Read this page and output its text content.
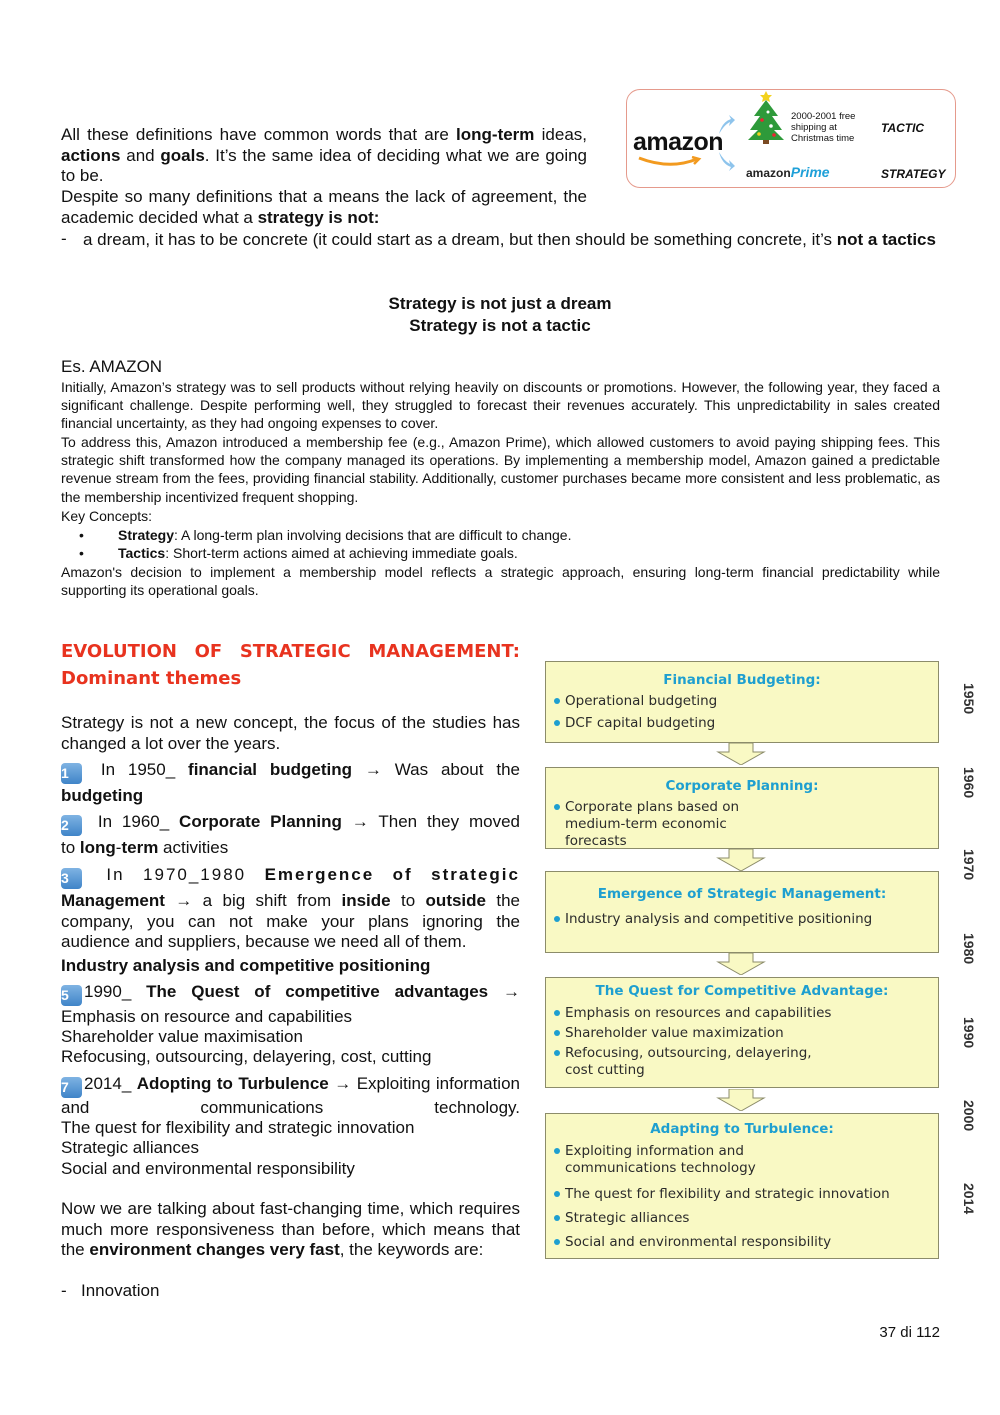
All these definitions have common words that are long-term ideas, actions and goals. It’s the same idea of deciding what we are going to be.
Despite so many definitions that a means the lack of agreement, the academic decided what a strategy is not:
- a dream, it has to be concrete (it could start as a dream, but then should be something concrete, it’s not a tactics
amazon
2000-2001 free shipping at Christmas time
TACTIC
amazonPrime	STRATEGY
Strategy is not just a dream
Strategy is not a tactic
Es. AMAZON
Initially, Amazon’s strategy was to sell products without relying heavily on discounts or promotions. However, the following year, they faced a significant challenge. Despite performing well, they struggled to forecast their revenues accurately. This unpredictability in sales created financial uncertainty, as they had ongoing expenses to cover.
To address this, Amazon introduced a membership fee (e.g., Amazon Prime), which allowed customers to avoid paying shipping fees. This strategic shift transformed how the company managed its operations. By implementing a membership model, Amazon gained a predictable revenue stream from the fees, providing financial stability. Additionally, customer purchases became more consistent and less problematic, as the membership incentivized frequent shopping.
Key Concepts:
• Strategy: A long-term plan involving decisions that are difficult to change.
• Tactics: Short-term actions aimed at achieving immediate goals.
Amazon's decision to implement a membership model reflects a strategic approach, ensuring long-term financial predictability while supporting its operational goals.
EVOLUTION OF STRATEGIC MANAGEMENT:
Dominant themes
Strategy is not a new concept, the focus of the studies has changed a lot over the years.
1 In 1950_ financial budgeting → Was about the
budgeting
2 In 1960_ Corporate Planning → Then they moved
to long-term activities
3 In 1970_1980 Emergence of strategic
Management → a big shift from inside to outside the company, you can not make your plans ignoring the audience and suppliers, because we need all of them.
Industry analysis and competitive positioning
5 1990_ The Quest of competitive advantages →
Emphasis on resource and capabilities
Shareholder value maximisation
Refocusing, outsourcing, delayering, cost, cutting
7 2014_ Adopting to Turbulence → Exploiting information and communications technology.
The quest for flexibility and strategic innovation
Strategic alliances
Social and environmental responsibility
Now we are talking about fast-changing time, which requires much more responsiveness than before, which means that the environment changes very fast, the keywords are:
- Innovation
Financial Budgeting:
Operational budgeting
DCF capital budgeting
Corporate Planning:
Corporate plans based on medium-term economic forecasts
Emergence of Strategic Management:
Industry analysis and competitive positioning
The Quest for Competitive Advantage:
Emphasis on resources and capabilities
Shareholder value maximization
Refocusing, outsourcing, delayering, cost cutting
Adapting to Turbulence:
Exploiting information and communications technology
The quest for flexibility and strategic innovation
Strategic alliances
Social and environmental responsibility
1950
1960
1970
1980
1990
2000
2014
37 di 112
